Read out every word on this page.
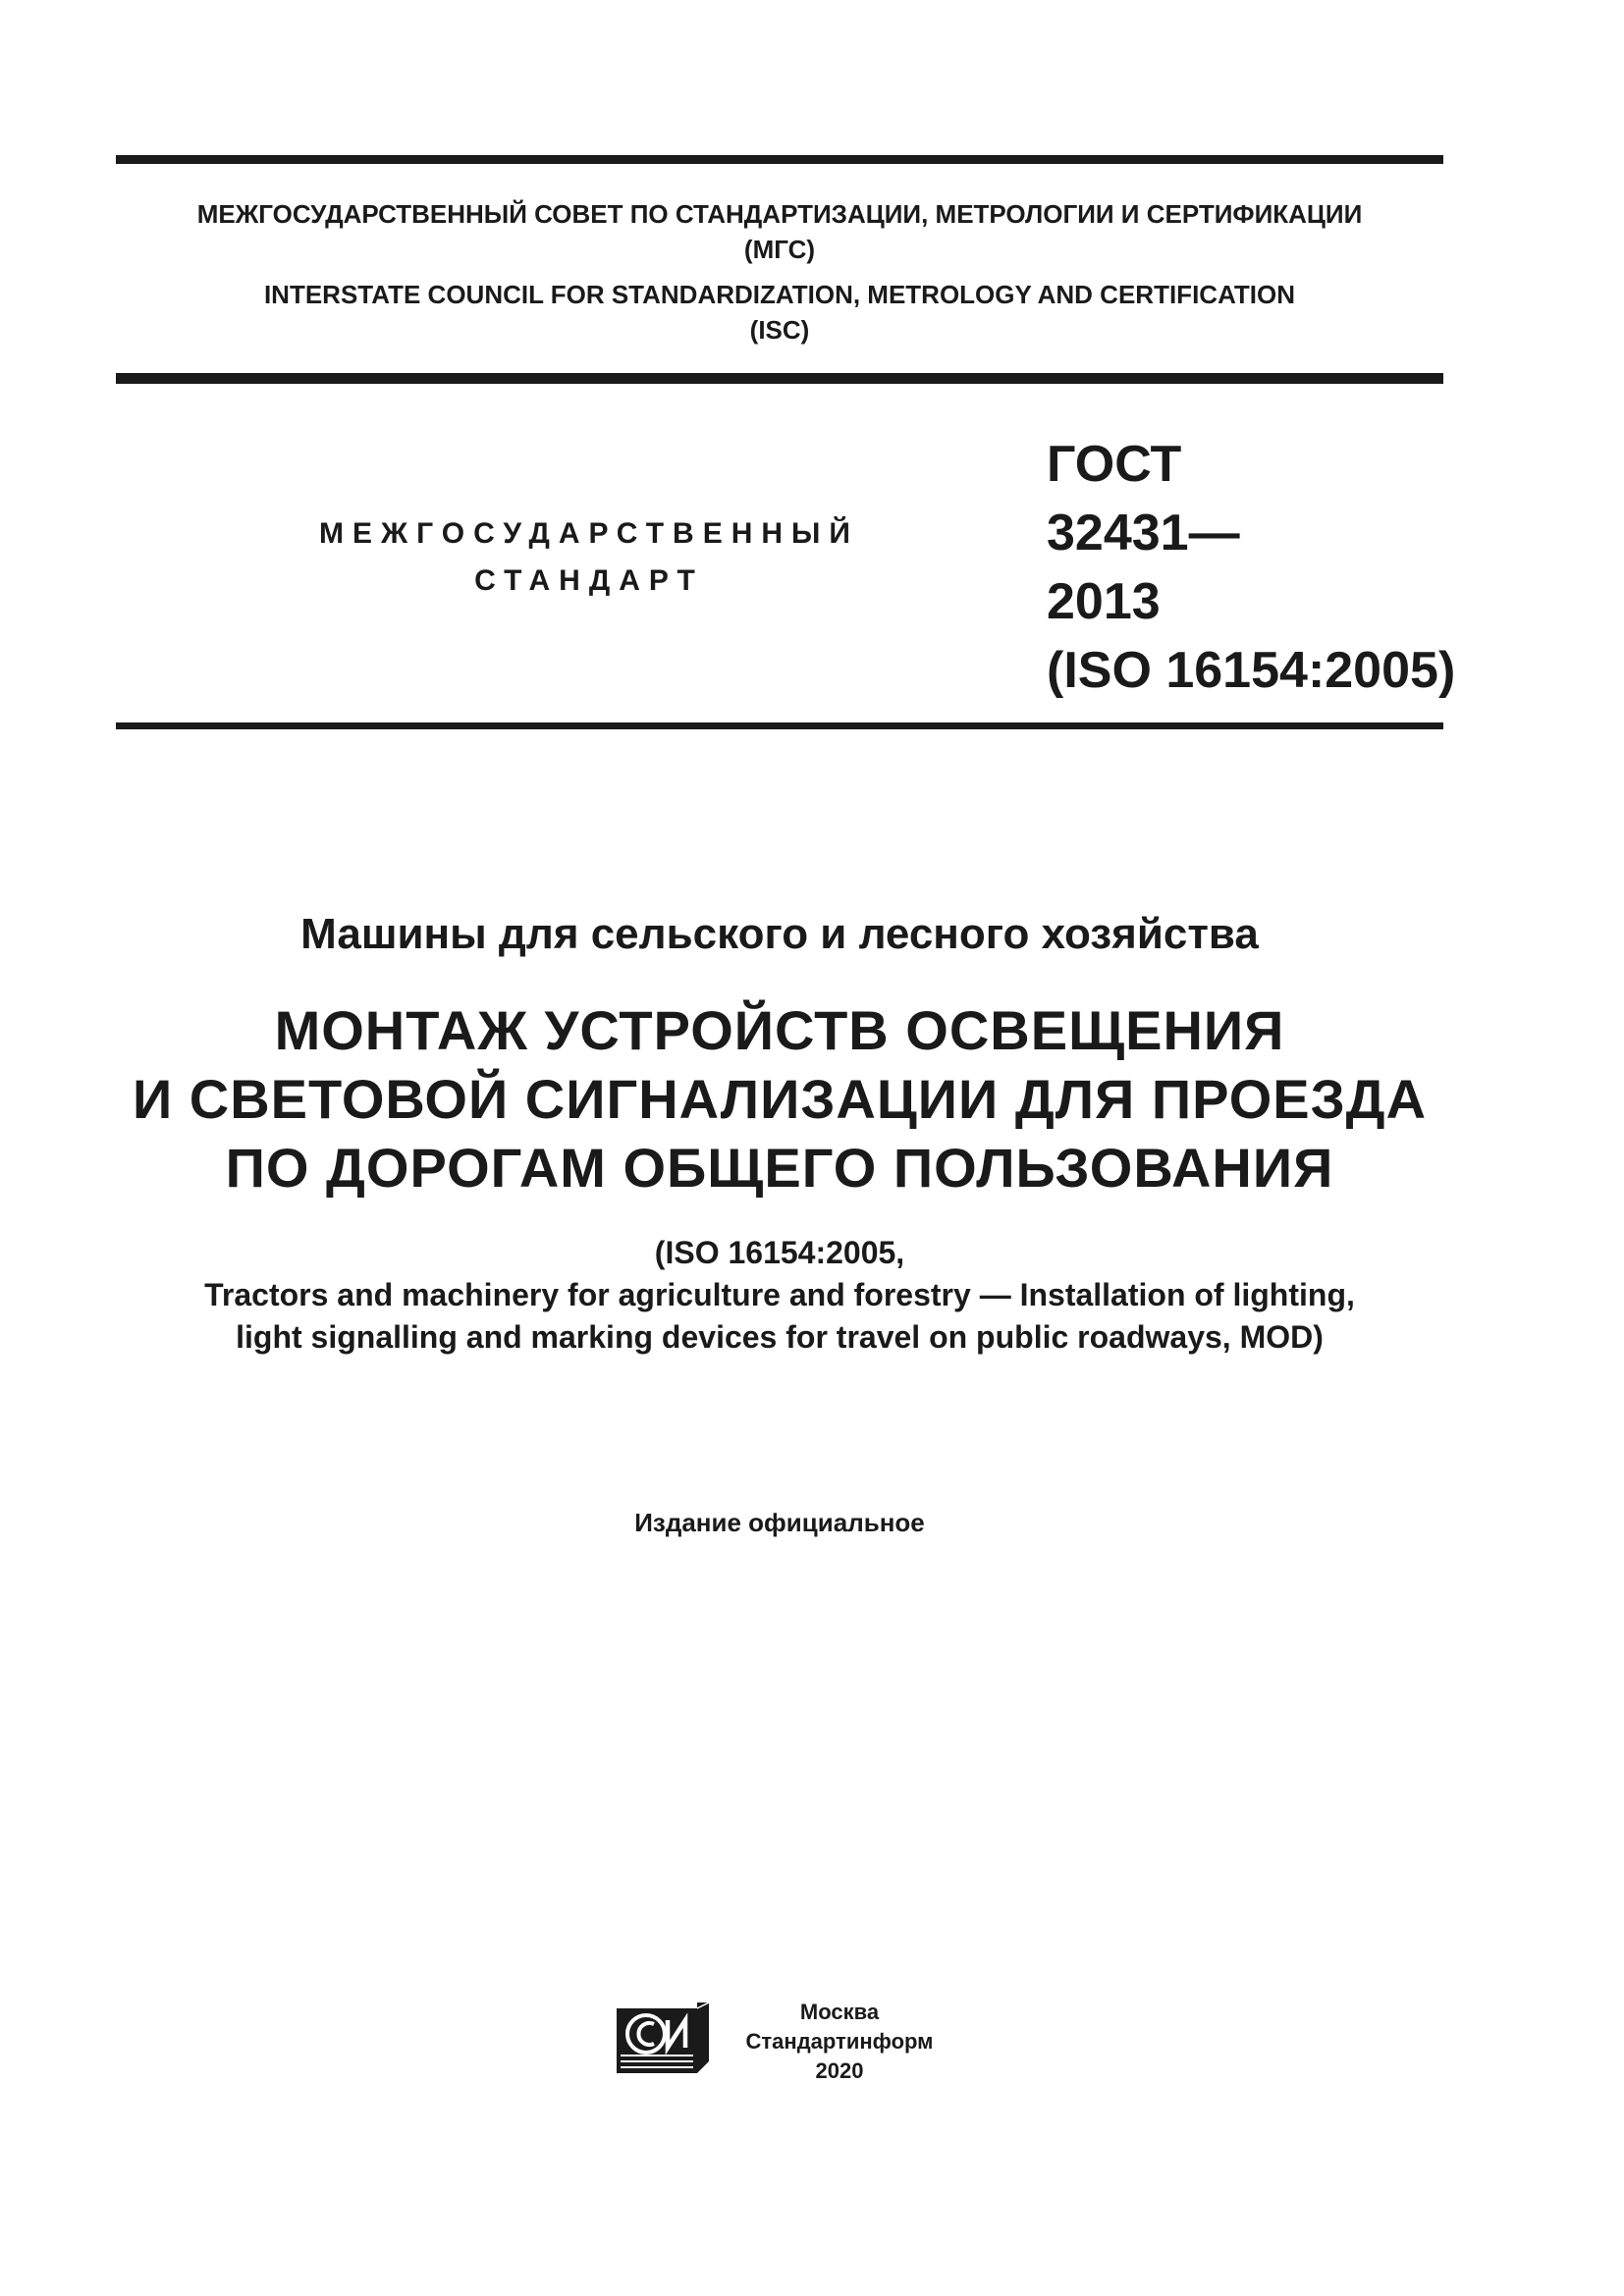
МЕЖГОСУДАРСТВЕННЫЙ СОВЕТ ПО СТАНДАРТИЗАЦИИ, МЕТРОЛОГИИ И СЕРТИФИКАЦИИ
(МГС)
INTERSTATE COUNCIL FOR STANDARDIZATION, METROLOGY AND CERTIFICATION
(ISC)
МЕЖГОСУДАРСТВЕННЫЙ
СТАНДАРТ
ГОСТ
32431—
2013
(ISO 16154:2005)
Машины для сельского и лесного хозяйства
МОНТАЖ УСТРОЙСТВ ОСВЕЩЕНИЯ
И СВЕТОВОЙ СИГНАЛИЗАЦИИ ДЛЯ ПРОЕЗДА
ПО ДОРОГАМ ОБЩЕГО ПОЛЬЗОВАНИЯ
(ISO 16154:2005,
Tractors and machinery for agriculture and forestry — Installation of lighting,
light signalling and marking devices for travel on public roadways, MOD)
Издание официальное
Москва
Стандартинформ
2020
